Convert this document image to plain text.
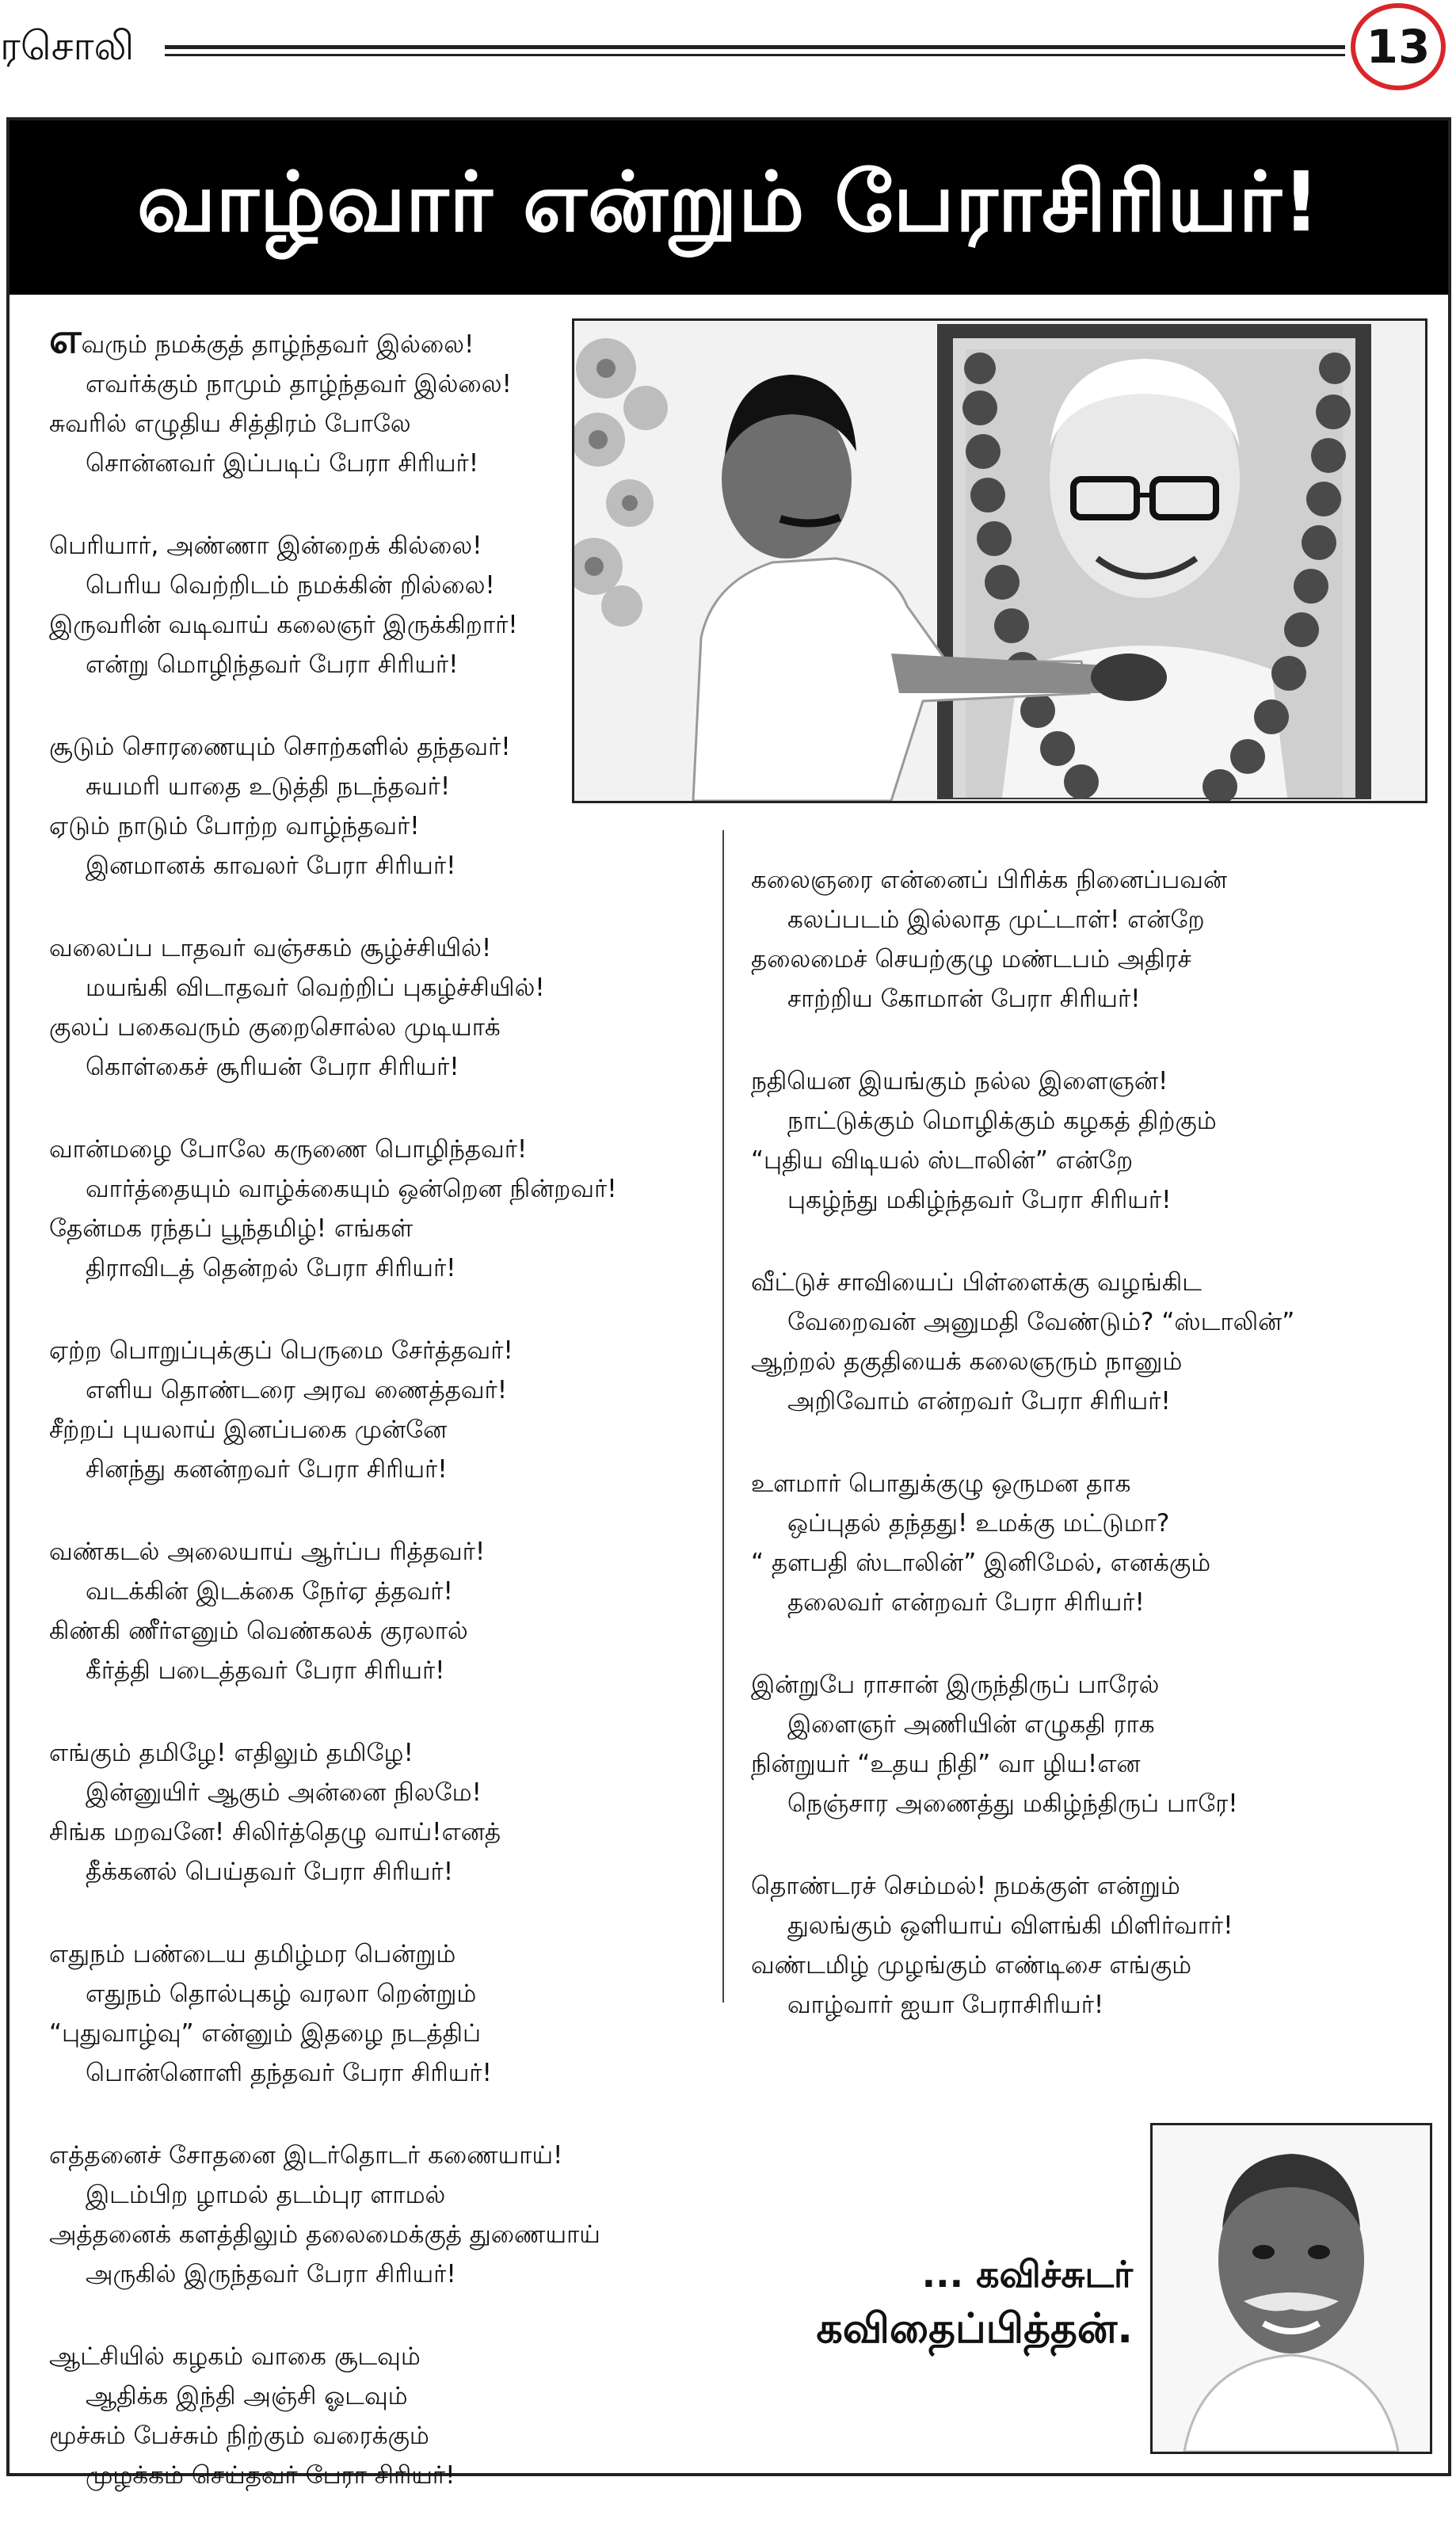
ரசொலி	13
வாழ்வார் என்றும் பேராசிரியர்!
எவரும் நமக்குத் தாழ்ந்தவர் இல்லை!
எவர்க்கும் நாமும் தாழ்ந்தவர் இல்லை!
சுவரில் எழுதிய சித்திரம் போலே
சொன்னவர் இப்படிப் பேரா சிரியர்!
பெரியார், அண்ணா இன்றைக் கில்லை!
பெரிய வெற்றிடம் நமக்கின் றில்லை!
இருவரின் வடிவாய் கலைஞர் இருக்கிறார்!
என்று மொழிந்தவர் பேரா சிரியர்!
சூடும் சொரணையும் சொற்களில் தந்தவர்!
சுயமரி யாதை உடுத்தி நடந்தவர்!
ஏடும் நாடும் போற்ற வாழ்ந்தவர்!
இனமானக் காவலர் பேரா சிரியர்!
வலைப்ப டாதவர் வஞ்சகம் சூழ்ச்சியில்!
மயங்கி விடாதவர் வெற்றிப் புகழ்ச்சியில்!
குலப் பகைவரும் குறைசொல்ல முடியாக்
கொள்கைச் சூரியன் பேரா சிரியர்!
வான்மழை போலே கருணை பொழிந்தவர்!
வார்த்தையும் வாழ்க்கையும் ஒன்றென நின்றவர்!
தேன்மக ரந்தப் பூந்தமிழ்! எங்கள்
திராவிடத் தென்றல் பேரா சிரியர்!
ஏற்ற பொறுப்புக்குப் பெருமை சேர்த்தவர்!
எளிய தொண்டரை அரவ ணைத்தவர்!
சீற்றப் புயலாய் இனப்பகை முன்னே
சினந்து கனன்றவர் பேரா சிரியர்!
வண்கடல் அலையாய் ஆர்ப்ப ரித்தவர்!
வடக்கின் இடக்கை நேர்ஏ த்தவர்!
கிண்கி ணீர்எனும் வெண்கலக் குரலால்
கீர்த்தி படைத்தவர் பேரா சிரியர்!
எங்கும் தமிழே! எதிலும் தமிழே!
இன்னுயிர் ஆகும் அன்னை நிலமே!
சிங்க மறவனே! சிலிர்த்தெழு வாய்!எனத்
தீக்கனல் பெய்தவர் பேரா சிரியர்!
எதுநம் பண்டைய தமிழ்மர பென்றும்
எதுநம் தொல்புகழ் வரலா றென்றும்
“புதுவாழ்வு” என்னும் இதழை நடத்திப்
பொன்னொளி தந்தவர் பேரா சிரியர்!
எத்தனைச் சோதனை இடர்தொடர் கணையாய்!
இடம்பிற ழாமல் தடம்புர ளாமல்
அத்தனைக் களத்திலும் தலைமைக்குத் துணையாய்
அருகில் இருந்தவர் பேரா சிரியர்!
ஆட்சியில் கழகம் வாகை சூடவும்
ஆதிக்க இந்தி அஞ்சி ஓடவும்
மூச்சும் பேச்சும் நிற்கும் வரைக்கும்
முழக்கம் செய்தவர் பேரா சிரியர்!
கலைஞரை என்னைப் பிரிக்க நினைப்பவன்
கலப்படம் இல்லாத முட்டாள்! என்றே
தலைமைச் செயற்குழு மண்டபம் அதிரச்
சாற்றிய கோமான் பேரா சிரியர்!
நதியென இயங்கும் நல்ல இளைஞன்!
நாட்டுக்கும் மொழிக்கும் கழகத் திற்கும்
“புதிய விடியல் ஸ்டாலின்” என்றே
புகழ்ந்து மகிழ்ந்தவர் பேரா சிரியர்!
வீட்டுச் சாவியைப் பிள்ளைக்கு வழங்கிட
வேறைவன் அனுமதி வேண்டும்? “ஸ்டாலின்”
ஆற்றல் தகுதியைக் கலைஞரும் நானும்
அறிவோம் என்றவர் பேரா சிரியர்!
உளமார் பொதுக்குழு ஒருமன தாக
ஒப்புதல் தந்தது! உமக்கு மட்டுமா?
“ தளபதி ஸ்டாலின்” இனிமேல், எனக்கும்
தலைவர் என்றவர் பேரா சிரியர்!
இன்றுபே ராசான் இருந்திருப் பாரேல்
இளைஞர் அணியின் எழுகதி ராக
நின்றுயர் “உதய நிதி” வா ழிய!என
நெஞ்சார அணைத்து மகிழ்ந்திருப் பாரே!
தொண்டரச் செம்மல்! நமக்குள் என்றும்
துலங்கும் ஒளியாய் விளங்கி மிளிர்வார்!
வண்டமிழ் முழங்கும் எண்டிசை எங்கும்
வாழ்வார் ஐயா பேராசிரியர்!
... கவிச்சுடர்
கவிதைப்பித்தன்.
